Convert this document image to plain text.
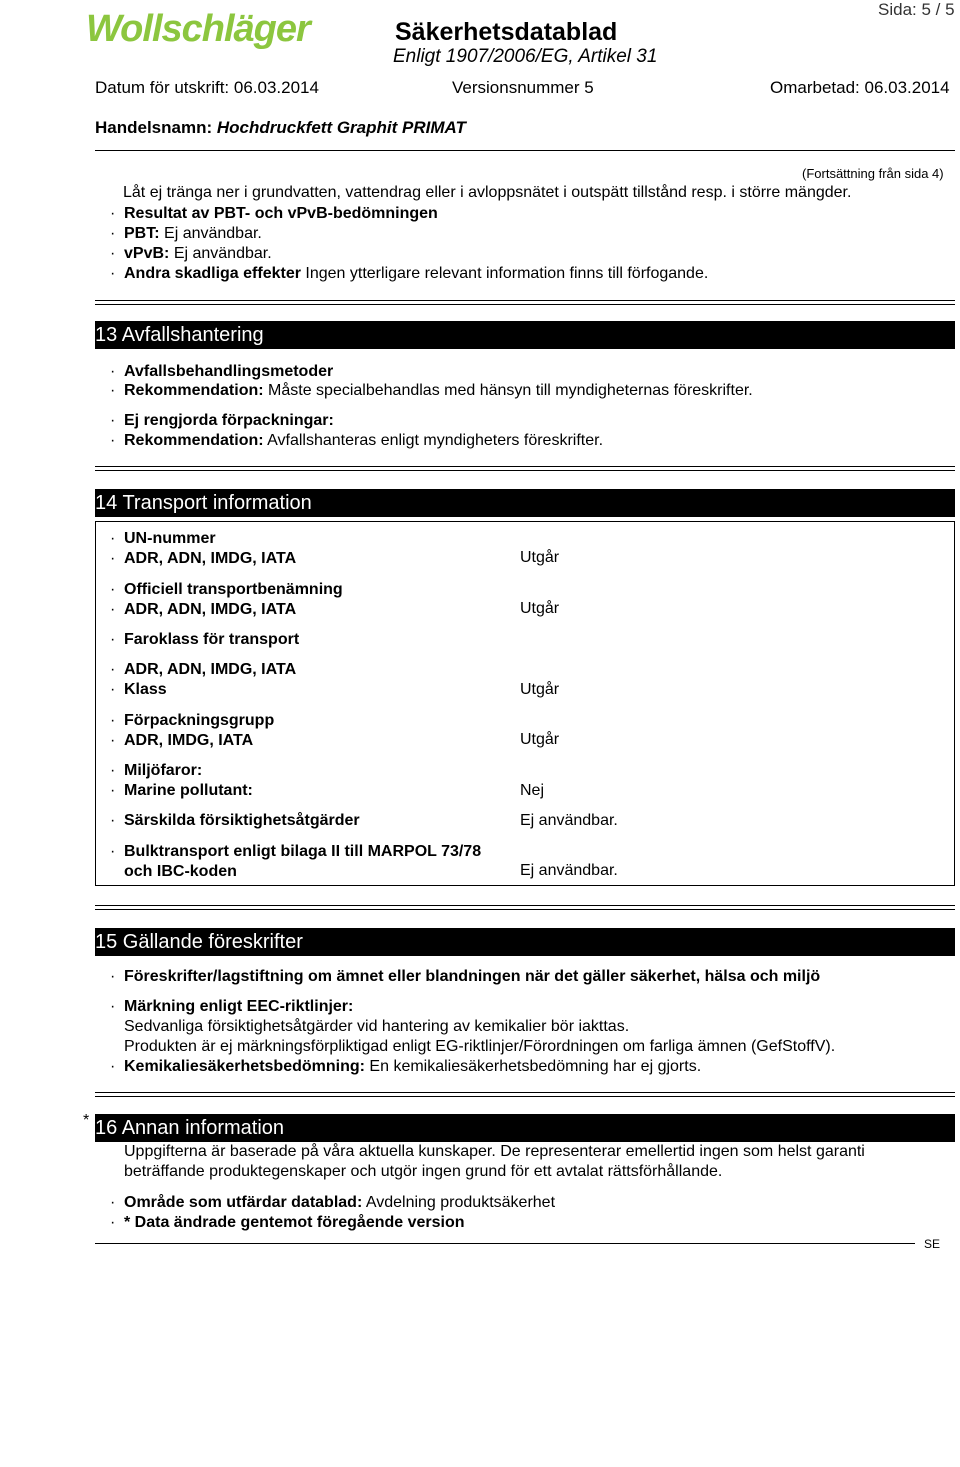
Wollschläger	Säkerhetsdatablad
Enligt 1907/2006/EG, Artikel 31
Sida: 5 / 5
Datum för utskrift: 06.03.2014	Versionsnummer 5	Omarbetad: 06.03.2014
Handelsnamn: Hochdruckfett Graphit PRIMAT
(Fortsättning från sida 4)
Låt ej tränga ner i grundvatten, vattendrag eller i avloppsnätet i outspätt tillstånd resp. i större mängder.
· Resultat av PBT- och vPvB-bedömningen
· PBT: Ej användbar.
· vPvB: Ej användbar.
· Andra skadliga effekter Ingen ytterligare relevant information finns till förfogande.
13 Avfallshantering
· Avfallsbehandlingsmetoder
· Rekommendation: Måste specialbehandlas med hänsyn till myndigheternas föreskrifter.
· Ej rengjorda förpackningar:
· Rekommendation: Avfallshanteras enligt myndigheters föreskrifter.
14 Transport information
· UN-nummer
· ADR, ADN, IMDG, IATA	Utgår
· Officiell transportbenämning
· ADR, ADN, IMDG, IATA	Utgår
· Faroklass för transport
· ADR, ADN, IMDG, IATA
· Klass	Utgår
· Förpackningsgrupp
· ADR, IMDG, IATA	Utgår
· Miljöfaror:
· Marine pollutant:	Nej
· Särskilda försiktighetsåtgärder	Ej användbar.
· Bulktransport enligt bilaga II till MARPOL 73/78
och IBC-koden	Ej användbar.
15 Gällande föreskrifter
· Föreskrifter/lagstiftning om ämnet eller blandningen när det gäller säkerhet, hälsa och miljö
· Märkning enligt EEC-riktlinjer:
Sedvanliga försiktighetsåtgärder vid hantering av kemikalier bör iakttas.
Produkten är ej märkningsförpliktigad enligt EG-riktlinjer/Förordningen om farliga ämnen (GefStoffV).
· Kemikaliesäkerhetsbedömning: En kemikaliesäkerhetsbedömning har ej gjorts.
* 16 Annan information
Uppgifterna är baserade på våra aktuella kunskaper. De representerar emellertid ingen som helst garanti
beträffande produktegenskaper och utgör ingen grund för ett avtalat rättsförhållande.
· Område som utfärdar datablad: Avdelning produktsäkerhet
· * Data ändrade gentemot föregående version
SE
